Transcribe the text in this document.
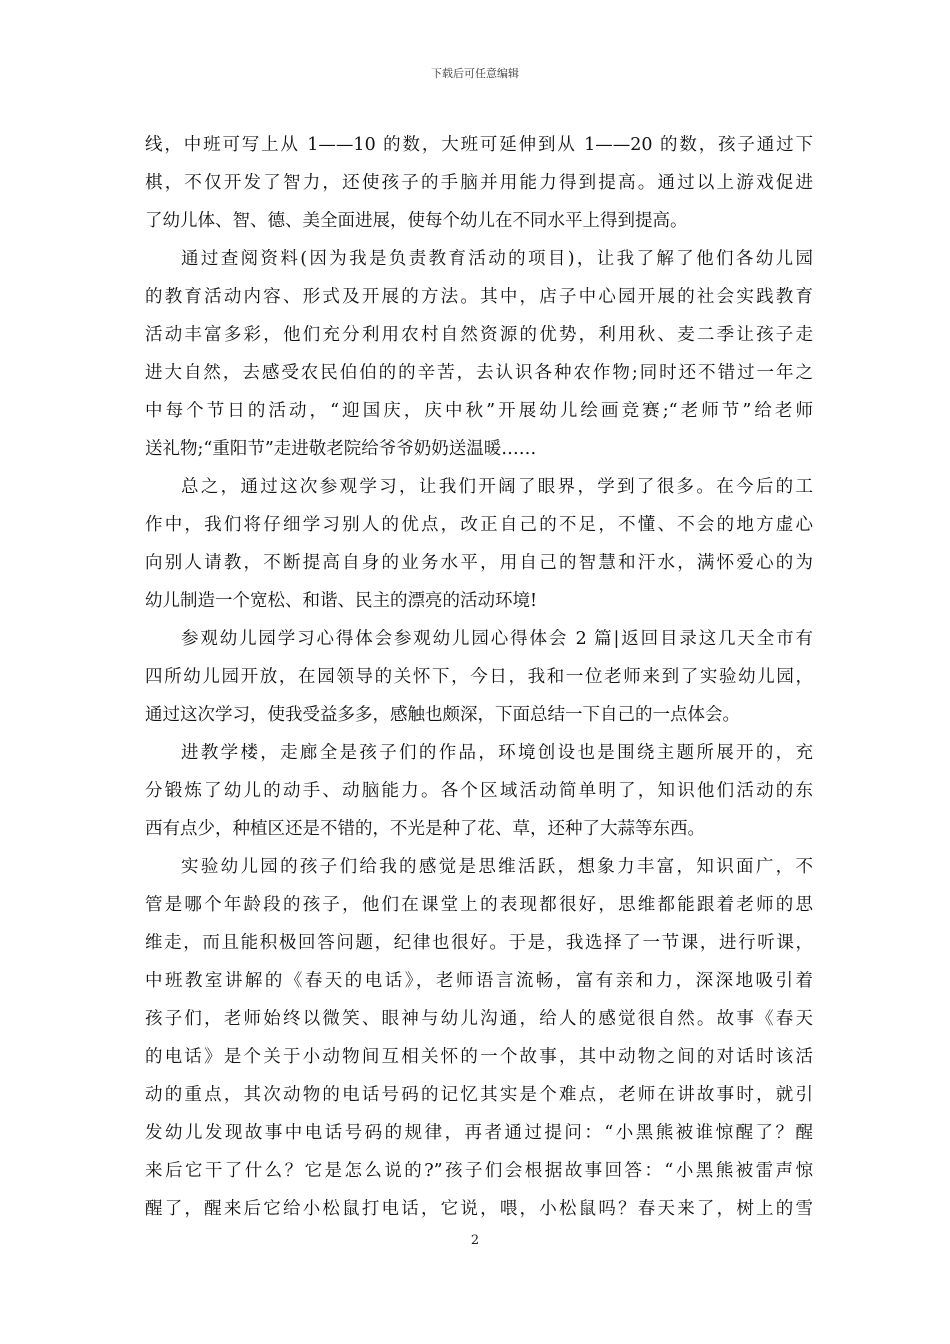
下载后可任意编辑
线，中班可写上从 1——10 的数，大班可延伸到从 1——20 的数，孩子通过下
棋，不仅开发了智力，还使孩子的手脑并用能力得到提高。通过以上游戏促进
了幼儿体、智、德、美全面进展，使每个幼儿在不同水平上得到提高。
通过查阅资料(因为我是负责教育活动的项目)，让我了解了他们各幼儿园
的教育活动内容、形式及开展的方法。其中，店子中心园开展的社会实践教育
活动丰富多彩，他们充分利用农村自然资源的优势，利用秋、麦二季让孩子走
进大自然，去感受农民伯伯的的辛苦，去认识各种农作物;同时还不错过一年之
中每个节日的活动，“迎国庆，庆中秋”开展幼儿绘画竞赛;“老师节”给老师
送礼物;“重阳节”走进敬老院给爷爷奶奶送温暖……
总之，通过这次参观学习，让我们开阔了眼界，学到了很多。在今后的工
作中，我们将仔细学习别人的优点，改正自己的不足，不懂、不会的地方虚心
向别人请教，不断提高自身的业务水平，用自己的智慧和汗水，满怀爱心的为
幼儿制造一个宽松、和谐、民主的漂亮的活动环境!
参观幼儿园学习心得体会参观幼儿园心得体会 2 篇|返回目录这几天全市有
四所幼儿园开放，在园领导的关怀下，今日，我和一位老师来到了实验幼儿园，
通过这次学习，使我受益多多，感触也颇深，下面总结一下自己的一点体会。
进教学楼，走廊全是孩子们的作品，环境创设也是围绕主题所展开的，充
分锻炼了幼儿的动手、动脑能力。各个区域活动简单明了，知识他们活动的东
西有点少，种植区还是不错的，不光是种了花、草，还种了大蒜等东西。
实验幼儿园的孩子们给我的感觉是思维活跃，想象力丰富，知识面广，不
管是哪个年龄段的孩子，他们在课堂上的表现都很好，思维都能跟着老师的思
维走，而且能积极回答问题，纪律也很好。于是，我选择了一节课，进行听课，
中班教室讲解的《春天的电话》，老师语言流畅，富有亲和力，深深地吸引着
孩子们，老师始终以微笑、眼神与幼儿沟通，给人的感觉很自然。故事《春天
的电话》是个关于小动物间互相关怀的一个故事，其中动物之间的对话时该活
动的重点，其次动物的电话号码的记忆其实是个难点，老师在讲故事时，就引
发幼儿发现故事中电话号码的规律，再者通过提问：“小黑熊被谁惊醒了？醒
来后它干了什么？它是怎么说的?”孩子们会根据故事回答：“小黑熊被雷声惊
醒了，醒来后它给小松鼠打电话，它说，喂，小松鼠吗？春天来了，树上的雪
2
